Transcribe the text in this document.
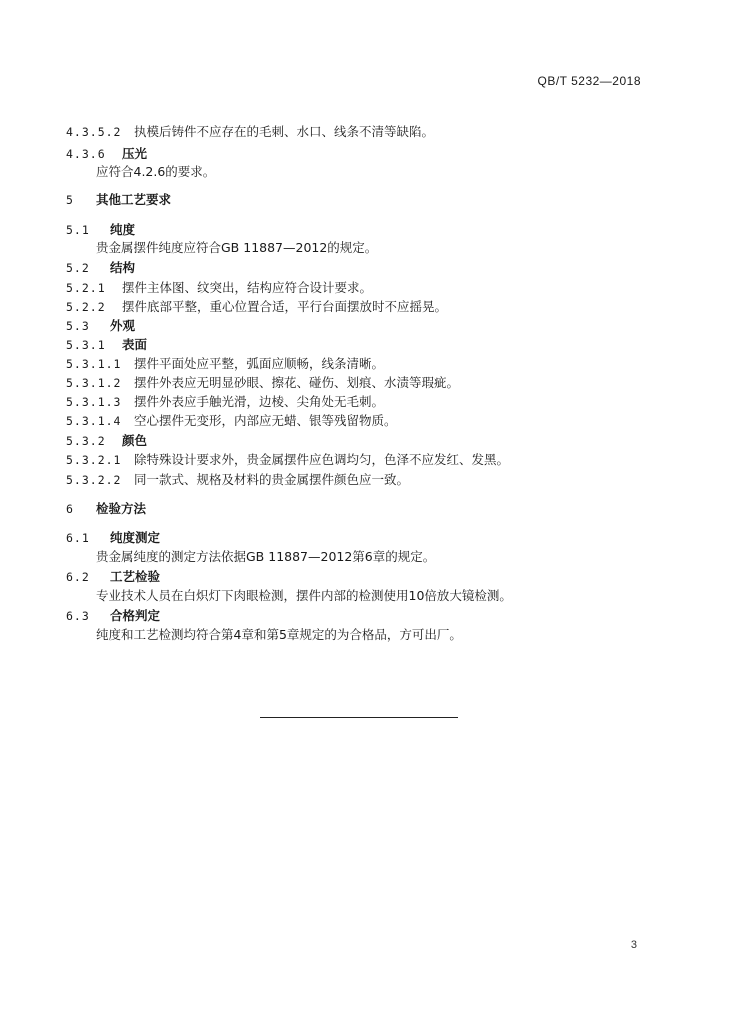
QB/T 5232—2018
4.3.5.2 执模后铸件不应存在的毛刺、水口、线条不清等缺陷。
4.3.6 压光
应符合4.2.6的要求。
5 其他工艺要求
5.1 纯度
贵金属摆件纯度应符合GB 11887—2012的规定。
5.2 结构
5.2.1 摆件主体图、纹突出，结构应符合设计要求。
5.2.2 摆件底部平整，重心位置合适，平行台面摆放时不应摇晃。
5.3 外观
5.3.1 表面
5.3.1.1 摆件平面处应平整，弧面应顺畅，线条清晰。
5.3.1.2 摆件外表应无明显砂眼、擦花、碰伤、划痕、水渍等瑕疵。
5.3.1.3 摆件外表应手触光滑，边棱、尖角处无毛刺。
5.3.1.4 空心摆件无变形，内部应无蜡、银等残留物质。
5.3.2 颜色
5.3.2.1 除特殊设计要求外，贵金属摆件应色调均匀，色泽不应发红、发黑。
5.3.2.2 同一款式、规格及材料的贵金属摆件颜色应一致。
6 检验方法
6.1 纯度测定
贵金属纯度的测定方法依据GB 11887—2012第6章的规定。
6.2 工艺检验
专业技术人员在白炽灯下肉眼检测，摆件内部的检测使用10倍放大镜检测。
6.3 合格判定
纯度和工艺检测均符合第4章和第5章规定的为合格品，方可出厂。
3
